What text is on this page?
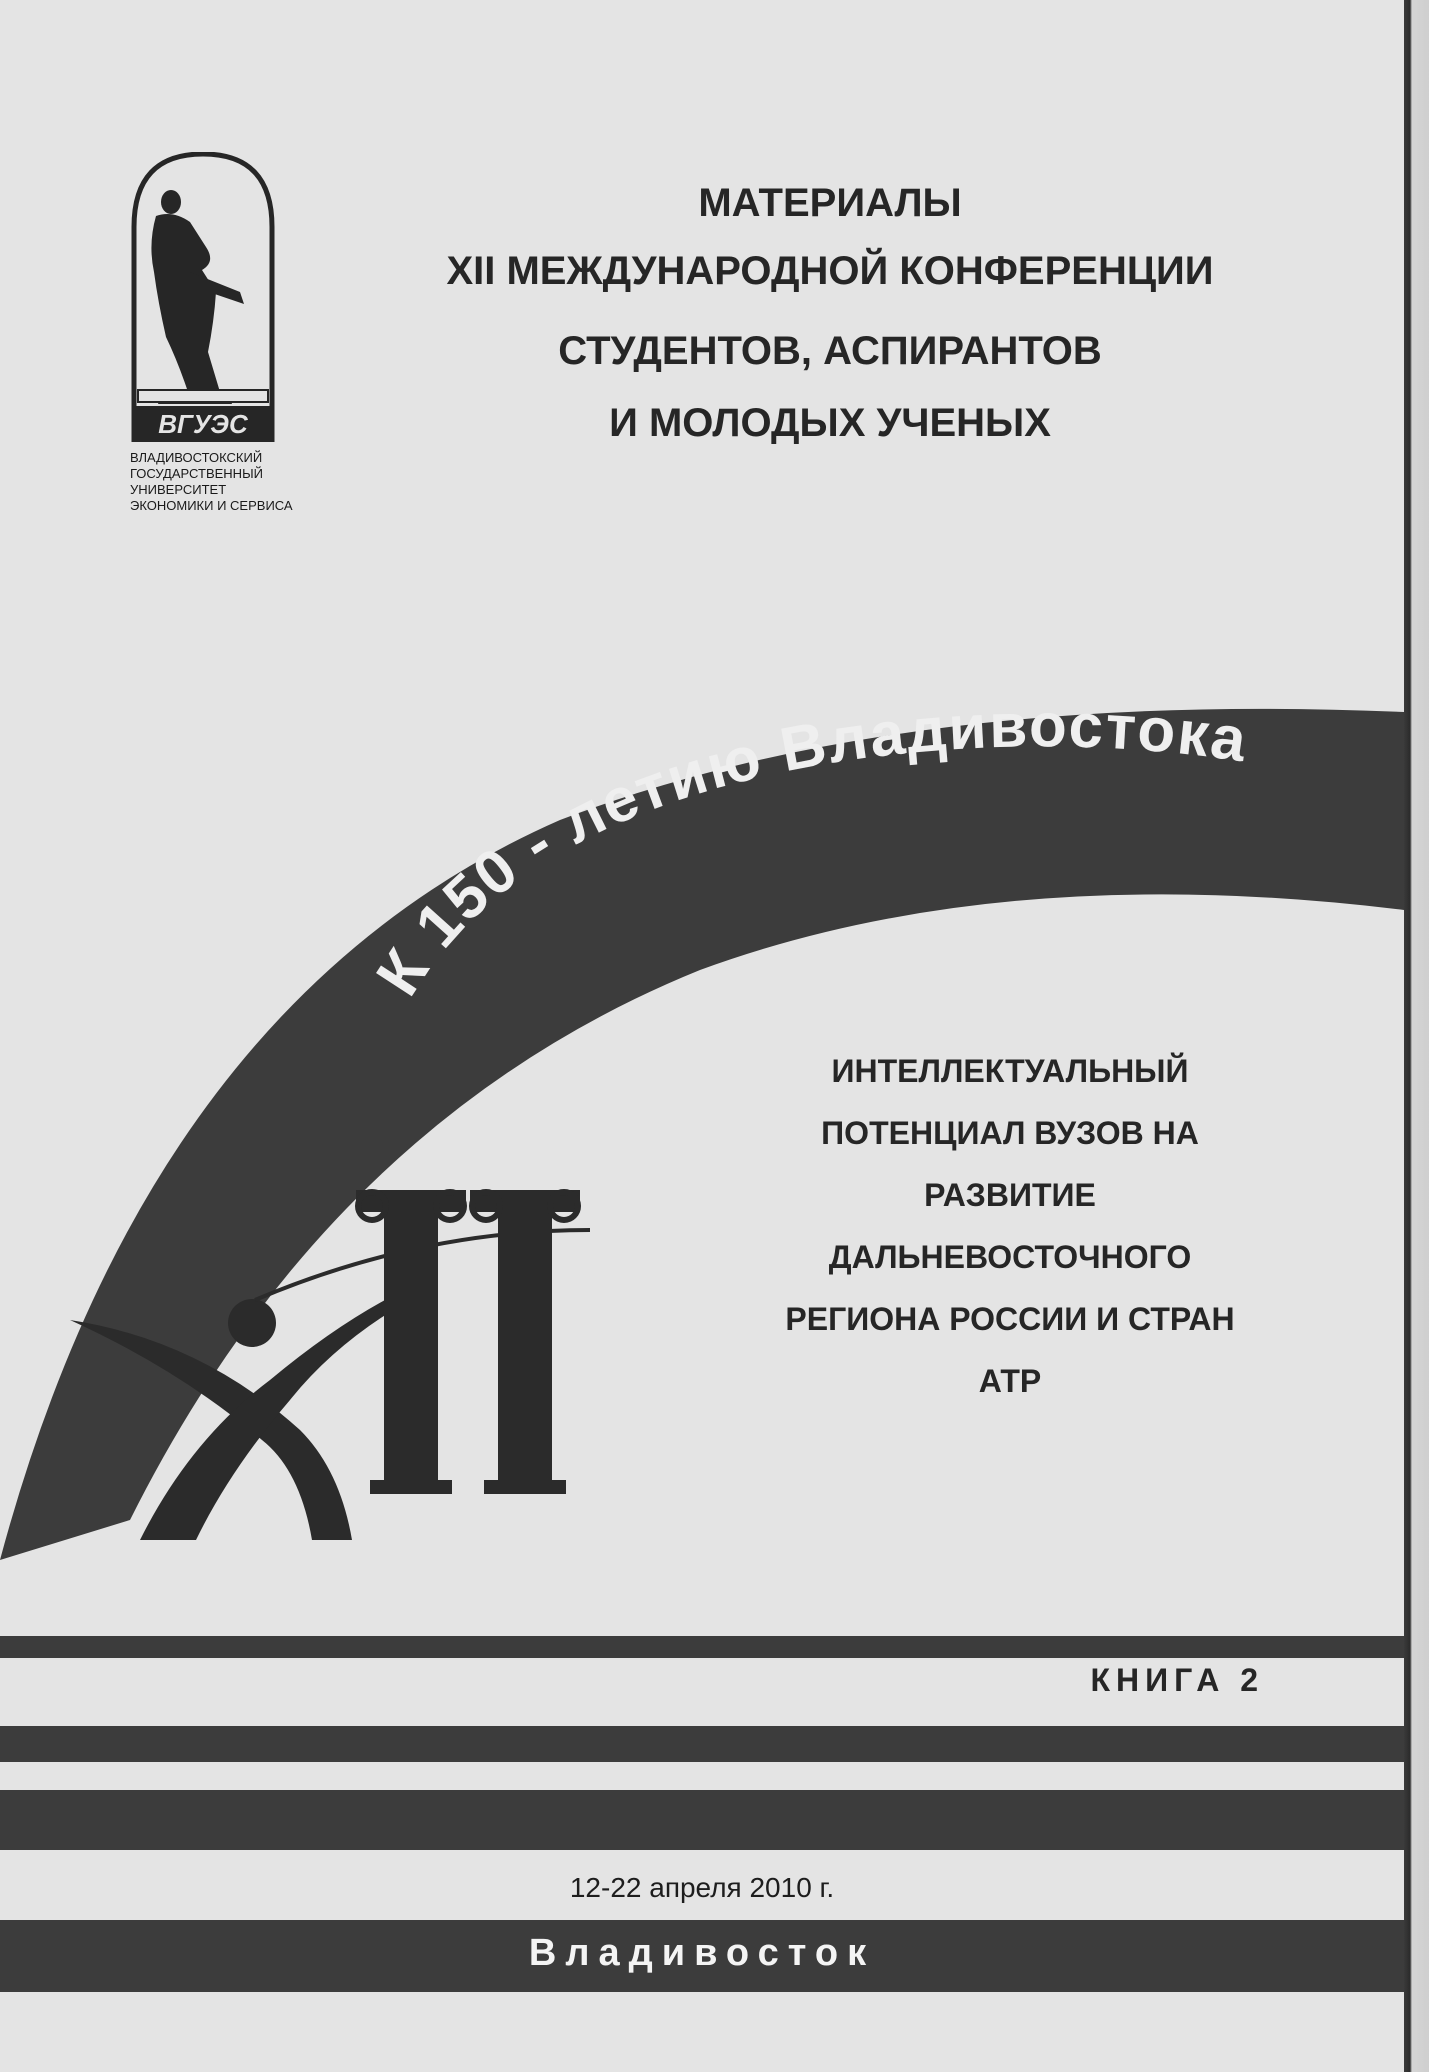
МАТЕРИАЛЫ
XII МЕЖДУНАРОДНОЙ КОНФЕРЕНЦИИ
СТУДЕНТОВ, АСПИРАНТОВ
И МОЛОДЫХ УЧЕНЫХ
ВГУЭС
ВЛАДИВОСТОКСКИЙ
ГОСУДАРСТВЕННЫЙ
УНИВЕРСИТЕТ
ЭКОНОМИКИ И СЕРВИСА
К 150 - летию Владивостока
ИНТЕЛЛЕКТУАЛЬНЫЙ
ПОТЕНЦИАЛ ВУЗОВ НА
РАЗВИТИЕ
ДАЛЬНЕВОСТОЧНОГО
РЕГИОНА РОССИИ И СТРАН
АТР
КНИГА 2
12-22 апреля 2010 г.
Владивосток
